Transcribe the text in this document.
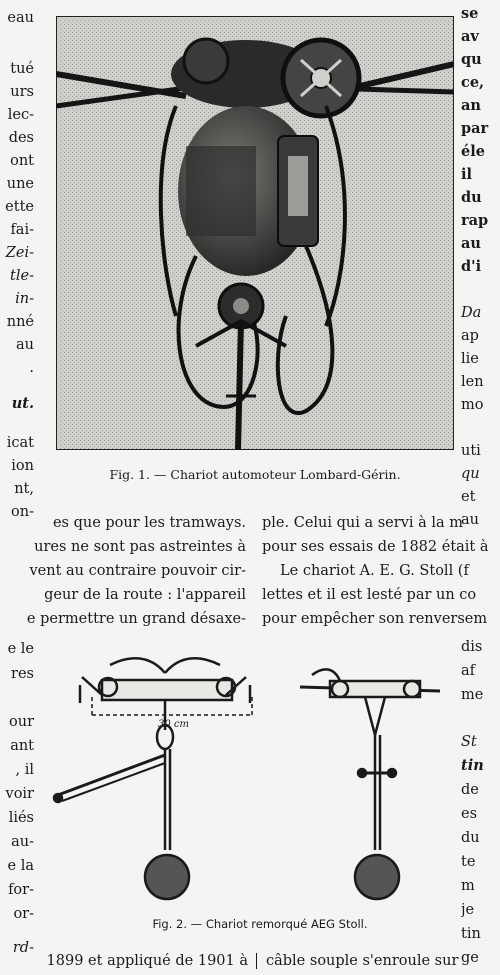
eau
tué
urs
lec-
des
ont
une
ette
fai-
Zei-
tle-
in-
nné
au
.
ut.
icat
ion
nt,
on-
se
av
qu
ce,
an
par
éle
il
du
rap
au
d'i
Da
ap
lie
len
mo
uti
qu
et
au
Fig. 1. — Chariot automoteur Lombard-Gérin.
es que pour les tramways.
ures ne sont pas astreintes à
vent au contraire pouvoir cir-
geur de la route : l'appareil
e permettre un grand désaxe-
ple. Celui qui a servi à la m
pour ses essais de 1882 était à
Le chariot A. E. G. Stoll (f
lettes et il est lesté par un co
pour empêcher son renversem
e le
res
our
ant
, il
voir
liés
au-
e la
for-
or-
rd-
dis
af
me
St
tin
de
es
du
te
m
je
tin
ge
30 cm
Fig. 2. — Chariot remorqué AEG Stoll.
1899 et appliqué de 1901 à câble souple s'enroule sur
